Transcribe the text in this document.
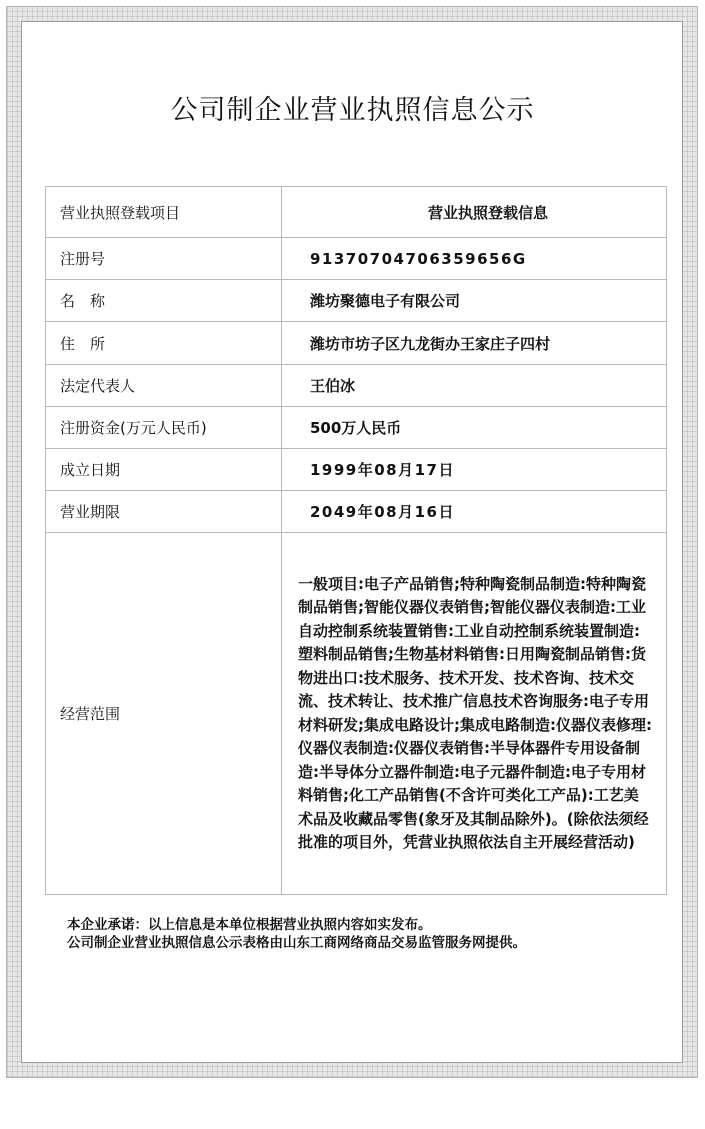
公司制企业营业执照信息公示
营业执照登载项目	营业执照登载信息
注册号	91370704706359656G
名　称	潍坊聚德电子有限公司
住　所	潍坊市坊子区九龙街办王家庄子四村
法定代表人	王伯冰
注册资金(万元人民币)	500万人民币
成立日期	1999年08月17日
营业期限	2049年08月16日
经营范围	一般项目:电子产品销售;特种陶瓷制品制造:特种陶瓷制品销售;智能仪器仪表销售;智能仪器仪表制造:工业自动控制系统装置销售:工业自动控制系统装置制造:塑料制品销售;生物基材料销售:日用陶瓷制品销售:货物进出口:技术服务、技术开发、技术咨询、技术交流、技术转让、技术推广信息技术咨询服务:电子专用材料研发;集成电路设计;集成电路制造:仪器仪表修理:仪器仪表制造:仪器仪表销售:半导体器件专用设备制造:半导体分立器件制造:电子元器件制造:电子专用材料销售;化工产品销售(不含许可类化工产品):工艺美术品及收藏品零售(象牙及其制品除外)。(除依法须经批准的项目外，凭营业执照依法自主开展经营活动)
本企业承诺：以上信息是本单位根据营业执照内容如实发布。
公司制企业营业执照信息公示表格由山东工商网络商品交易监管服务网提供。
